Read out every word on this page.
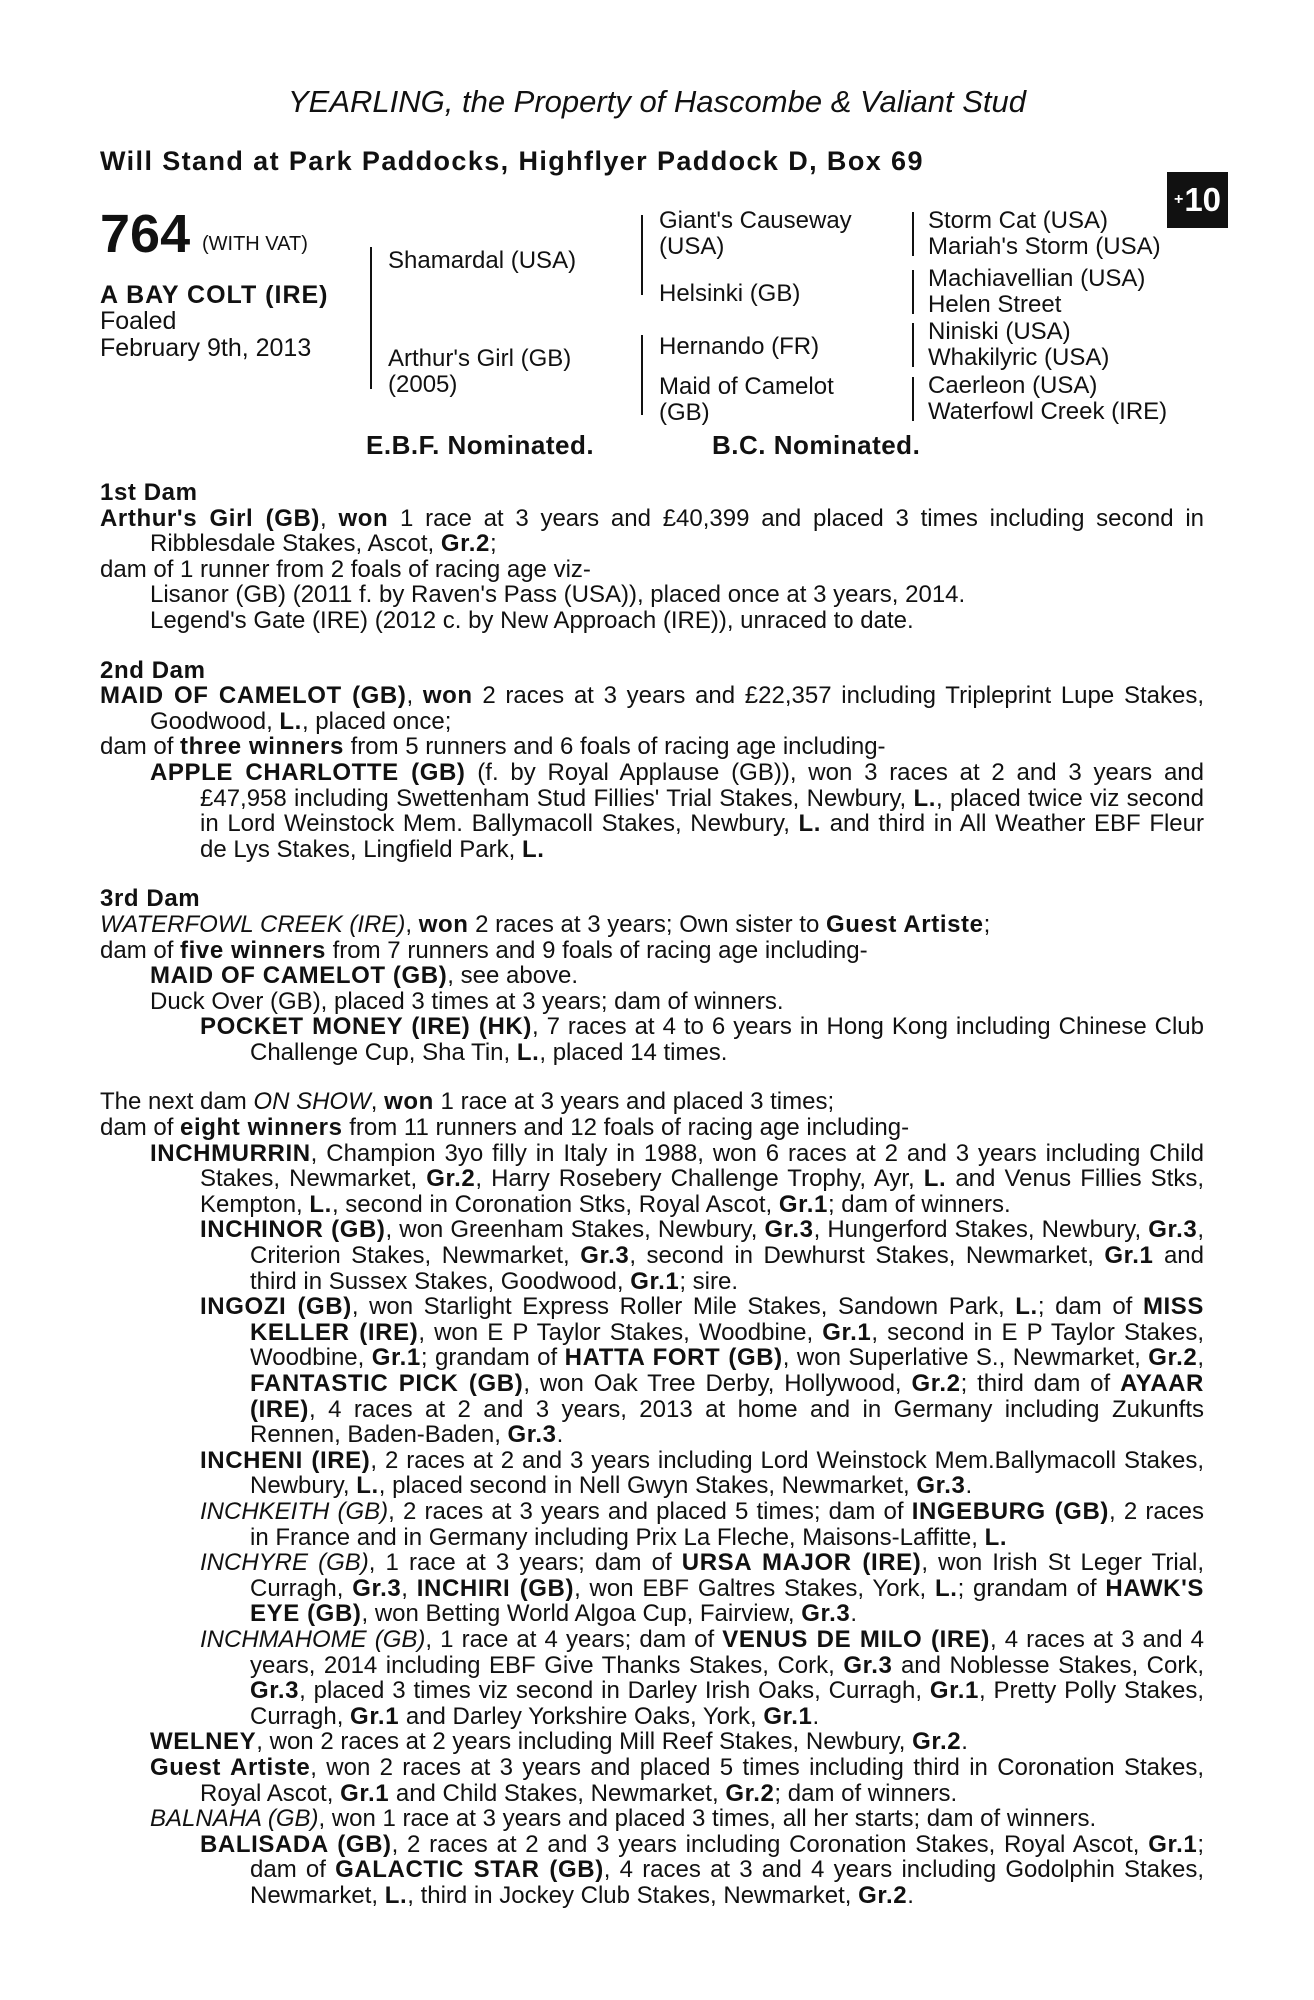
YEARLING, the Property of Hascombe & Valiant Stud
Will Stand at Park Paddocks, Highflyer Paddock D, Box 69
+ 10
764 (WITH VAT)
A BAY COLT (IRE)
Foaled
February 9th, 2013
Shamardal (USA)
Arthur's Girl (GB)
(2005)
Giant's Causeway
(USA)
Helsinki (GB)
Hernando (FR)
Maid of Camelot
(GB)
Storm Cat (USA)
Mariah's Storm (USA)
Machiavellian (USA)
Helen Street
Niniski (USA)
Whakilyric (USA)
Caerleon (USA)
Waterfowl Creek (IRE)
E.B.F. Nominated.	B.C. Nominated.

1st Dam

Arthur's Girl (GB), won 1 race at 3 years and £40,399 and placed 3 times including second in Ribblesdale Stakes, Ascot, Gr.2;

dam of 1 runner from 2 foals of racing age viz-

Lisanor (GB) (2011 f. by Raven's Pass (USA)), placed once at 3 years, 2014.

Legend's Gate (IRE) (2012 c. by New Approach (IRE)), unraced to date.

2nd Dam

MAID OF CAMELOT (GB), won 2 races at 3 years and £22,357 including Tripleprint Lupe Stakes, Goodwood, L., placed once;

dam of three winners from 5 runners and 6 foals of racing age including-

APPLE CHARLOTTE (GB) (f. by Royal Applause (GB)), won 3 races at 2 and 3 years and £47,958 including Swettenham Stud Fillies' Trial Stakes, Newbury, L., placed twice viz second in Lord Weinstock Mem. Ballymacoll Stakes, Newbury, L. and third in All Weather EBF Fleur de Lys Stakes, Lingfield Park, L.

3rd Dam

WATERFOWL CREEK (IRE), won 2 races at 3 years; Own sister to Guest Artiste;

dam of five winners from 7 runners and 9 foals of racing age including-

MAID OF CAMELOT (GB), see above.

Duck Over (GB), placed 3 times at 3 years; dam of winners.

POCKET MONEY (IRE) (HK), 7 races at 4 to 6 years in Hong Kong including Chinese Club Challenge Cup, Sha Tin, L., placed 14 times.

The next dam ON SHOW, won 1 race at 3 years and placed 3 times;

dam of eight winners from 11 runners and 12 foals of racing age including-

INCHMURRIN, Champion 3yo filly in Italy in 1988, won 6 races at 2 and 3 years including Child Stakes, Newmarket, Gr.2, Harry Rosebery Challenge Trophy, Ayr, L. and Venus Fillies Stks, Kempton, L., second in Coronation Stks, Royal Ascot, Gr.1; dam of winners.

INCHINOR (GB), won Greenham Stakes, Newbury, Gr.3, Hungerford Stakes, Newbury, Gr.3, Criterion Stakes, Newmarket, Gr.3, second in Dewhurst Stakes, Newmarket, Gr.1 and third in Sussex Stakes, Goodwood, Gr.1; sire.

INGOZI (GB), won Starlight Express Roller Mile Stakes, Sandown Park, L.; dam of MISS KELLER (IRE), won E P Taylor Stakes, Woodbine, Gr.1, second in E P Taylor Stakes, Woodbine, Gr.1; grandam of HATTA FORT (GB), won Superlative S., Newmarket, Gr.2, FANTASTIC PICK (GB), won Oak Tree Derby, Hollywood, Gr.2; third dam of AYAAR (IRE), 4 races at 2 and 3 years, 2013 at home and in Germany including Zukunfts Rennen, Baden-Baden, Gr.3.

INCHENI (IRE), 2 races at 2 and 3 years including Lord Weinstock Mem.Ballymacoll Stakes, Newbury, L., placed second in Nell Gwyn Stakes, Newmarket, Gr.3.

INCHKEITH (GB), 2 races at 3 years and placed 5 times; dam of INGEBURG (GB), 2 races in France and in Germany including Prix La Fleche, Maisons-Laffitte, L.

INCHYRE (GB), 1 race at 3 years; dam of URSA MAJOR (IRE), won Irish St Leger Trial, Curragh, Gr.3, INCHIRI (GB), won EBF Galtres Stakes, York, L.; grandam of HAWK'S EYE (GB), won Betting World Algoa Cup, Fairview, Gr.3.

INCHMAHOME (GB), 1 race at 4 years; dam of VENUS DE MILO (IRE), 4 races at 3 and 4 years, 2014 including EBF Give Thanks Stakes, Cork, Gr.3 and Noblesse Stakes, Cork, Gr.3, placed 3 times viz second in Darley Irish Oaks, Curragh, Gr.1, Pretty Polly Stakes, Curragh, Gr.1 and Darley Yorkshire Oaks, York, Gr.1.

WELNEY, won 2 races at 2 years including Mill Reef Stakes, Newbury, Gr.2.

Guest Artiste, won 2 races at 3 years and placed 5 times including third in Coronation Stakes, Royal Ascot, Gr.1 and Child Stakes, Newmarket, Gr.2; dam of winners.

BALNAHA (GB), won 1 race at 3 years and placed 3 times, all her starts; dam of winners.

BALISADA (GB), 2 races at 2 and 3 years including Coronation Stakes, Royal Ascot, Gr.1; dam of GALACTIC STAR (GB), 4 races at 3 and 4 years including Godolphin Stakes, Newmarket, L., third in Jockey Club Stakes, Newmarket, Gr.2.
